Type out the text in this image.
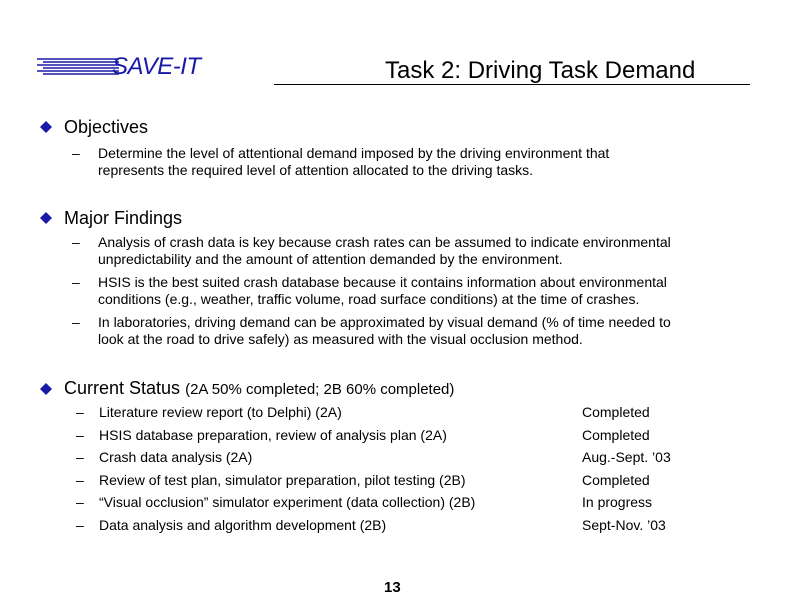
SAVE-IT	Task 2: Driving Task Demand
Objectives
– Determine the level of attentional demand imposed by the driving environment that
represents the required level of attention allocated to the driving tasks.
Major Findings
– Analysis of crash data is key because crash rates can be assumed to indicate environmental
unpredictability and the amount of attention demanded by the environment.
– HSIS is the best suited crash database because it contains information about environmental
conditions (e.g., weather, traffic volume, road surface conditions) at the time of crashes.
– In laboratories, driving demand can be approximated by visual demand (% of time needed to
look at the road to drive safely) as measured with the visual occlusion method.
Current Status (2A 50% completed; 2B 60% completed)
–
–
–
–
–
–
Literature review report (to Delphi) (2A)
HSIS database preparation, review of analysis plan (2A)
Crash data analysis (2A)
Review of test plan, simulator preparation, pilot testing (2B)
“Visual occlusion” simulator experiment (data collection) (2B)
Data analysis and algorithm development (2B)
Completed
Completed
Aug.-Sept. ’03
Completed
In progress
Sept-Nov. ’03
13
